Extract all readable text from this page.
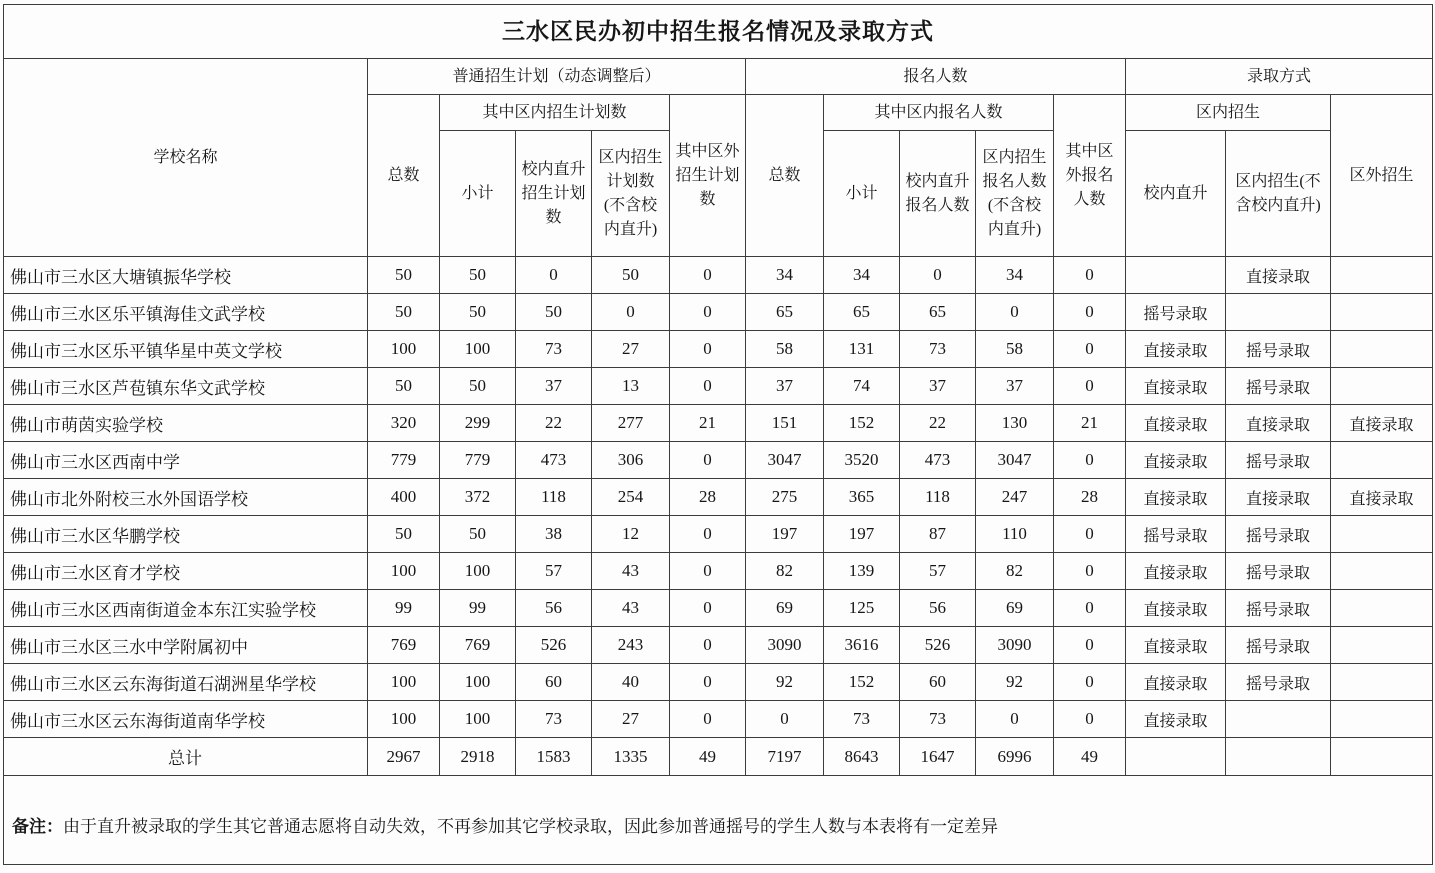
三水区民办初中招生报名情况及录取方式													
学校名称	普通招生计划（动态调整后）					报名人数					录取方式		
	总数	其中区内招生计划数			其中区外招生计划数	总数	其中区内报名人数			其中区外报名人数	区内招生		区外招生
		小计	校内直升招生计划数	区内招生计划数(不含校内直升)			小计	校内直升报名人数	区内招生报名人数(不含校内直升)		校内直升	区内招生(不含校内直升)	
佛山市三水区大塘镇振华学校	50	50	0	50	0	34	34	0	34	0		直接录取	
佛山市三水区乐平镇海佳文武学校	50	50	50	0	0	65	65	65	0	0	摇号录取		
佛山市三水区乐平镇华星中英文学校	100	100	73	27	0	58	131	73	58	0	直接录取	摇号录取	
佛山市三水区芦苞镇东华文武学校	50	50	37	13	0	37	74	37	37	0	直接录取	摇号录取	
佛山市萌茵实验学校	320	299	22	277	21	151	152	22	130	21	直接录取	直接录取	直接录取
佛山市三水区西南中学	779	779	473	306	0	3047	3520	473	3047	0	直接录取	摇号录取	
佛山市北外附校三水外国语学校	400	372	118	254	28	275	365	118	247	28	直接录取	直接录取	直接录取
佛山市三水区华鹏学校	50	50	38	12	0	197	197	87	110	0	摇号录取	摇号录取	
佛山市三水区育才学校	100	100	57	43	0	82	139	57	82	0	直接录取	摇号录取	
佛山市三水区西南街道金本东江实验学校	99	99	56	43	0	69	125	56	69	0	直接录取	摇号录取	
佛山市三水区三水中学附属初中	769	769	526	243	0	3090	3616	526	3090	0	直接录取	摇号录取	
佛山市三水区云东海街道石湖洲星华学校	100	100	60	40	0	92	152	60	92	0	直接录取	摇号录取	
佛山市三水区云东海街道南华学校	100	100	73	27	0	0	73	73	0	0	直接录取		
总计	2967	2918	1583	1335	49	7197	8643	1647	6996	49			
备注：由于直升被录取的学生其它普通志愿将自动失效，不再参加其它学校录取，因此参加普通摇号的学生人数与本表将有一定差异													
